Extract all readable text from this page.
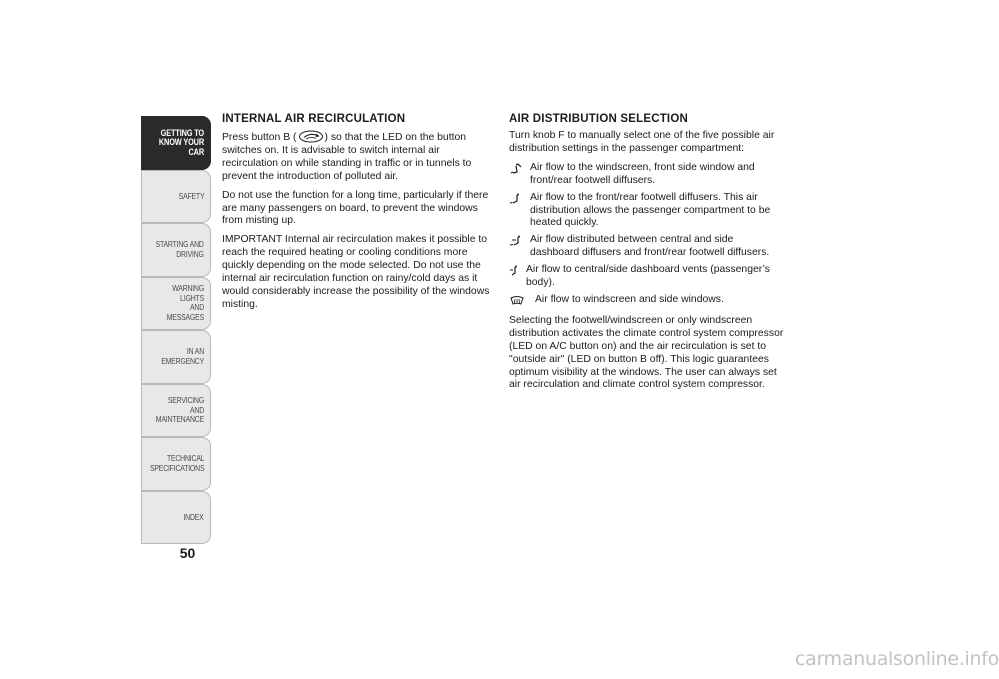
GETTING TO
KNOW YOUR CAR
SAFETY
STARTING AND
DRIVING
WARNING LIGHTS
AND MESSAGES
IN AN EMERGENCY
SERVICING AND
MAINTENANCE
TECHNICAL
SPECIFICATIONS
INDEX
50
INTERNAL AIR RECIRCULATION

Press button B (	) so that the LED on the button switches on. It is advisable to switch internal air recirculation on while standing in traffic or in tunnels to prevent the introduction of polluted air.

Do not use the function for a long time, particularly if there are many passengers on board, to prevent the windows from misting up.

IMPORTANT Internal air recirculation makes it possible to reach the required heating or cooling conditions more quickly depending on the mode selected. Do not use the internal air recirculation function on rainy/cold days as it would considerably increase the possibility of the windows misting.

AIR DISTRIBUTION SELECTION

Turn knob F to manually select one of the five possible air distribution settings in the passenger compartment:

Air flow to the windscreen, front side window and front/rear footwell diffusers.
Air flow to the front/rear footwell diffusers. This air distribution allows the passenger compartment to be heated quickly.
Air flow distributed between central and side dashboard diffusers and front/rear footwell diffusers.
Air flow to central/side dashboard vents (passenger’s body).
Air flow to windscreen and side windows.

Selecting the footwell/windscreen or only windscreen distribution activates the climate control system compressor (LED on A/C button on) and the air recirculation is set to "outside air" (LED on button B off). This logic guarantees optimum visibility at the windows. The user can always set air recirculation and climate control system compressor.

carmanualsonline.info
